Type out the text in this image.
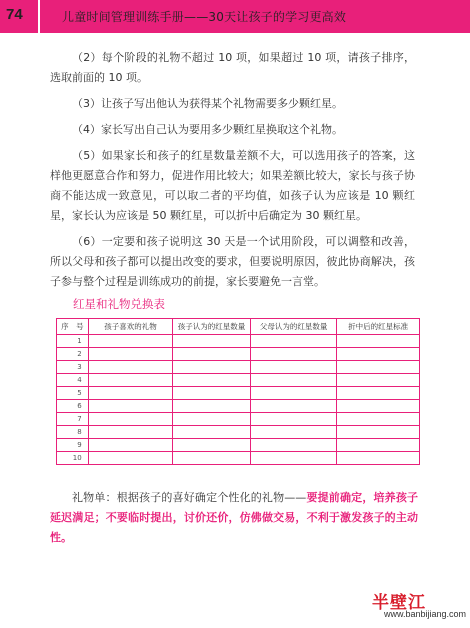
74	儿童时间管理训练手册——30天让孩子的学习更高效

（2）每个阶段的礼物不超过 10 项，如果超过 10 项，请孩子排序，选取前面的 10 项。

（3）让孩子写出他认为获得某个礼物需要多少颗红星。

（4）家长写出自己认为要用多少颗红星换取这个礼物。

（5）如果家长和孩子的红星数量差额不大，可以选用孩子的答案，这样他更愿意合作和努力，促进作用比较大；如果差额比较大，家长与孩子协商不能达成一致意见，可以取二者的平均值，如孩子认为应该是 10 颗红星，家长认为应该是 50 颗红星，可以折中后确定为 30 颗红星。

（6）一定要和孩子说明这 30 天是一个试用阶段，可以调整和改善，所以父母和孩子都可以提出改变的要求，但要说明原因，彼此协商解决，孩子参与整个过程是训练成功的前提，家长要避免一言堂。

红星和礼物兑换表
序　号	孩子喜欢的礼物	孩子认为的红星数量	父母认为的红星数量	折中后的红星标准
1				
2				
3				
4				
5				
6				
7				
8				
9				
10				
礼物单：根据孩子的喜好确定个性化的礼物——要提前确定，培养孩子延迟满足；不要临时提出，讨价还价，仿佛做交易，不利于激发孩子的主动性。
半壁江
www.banbijiang.com
